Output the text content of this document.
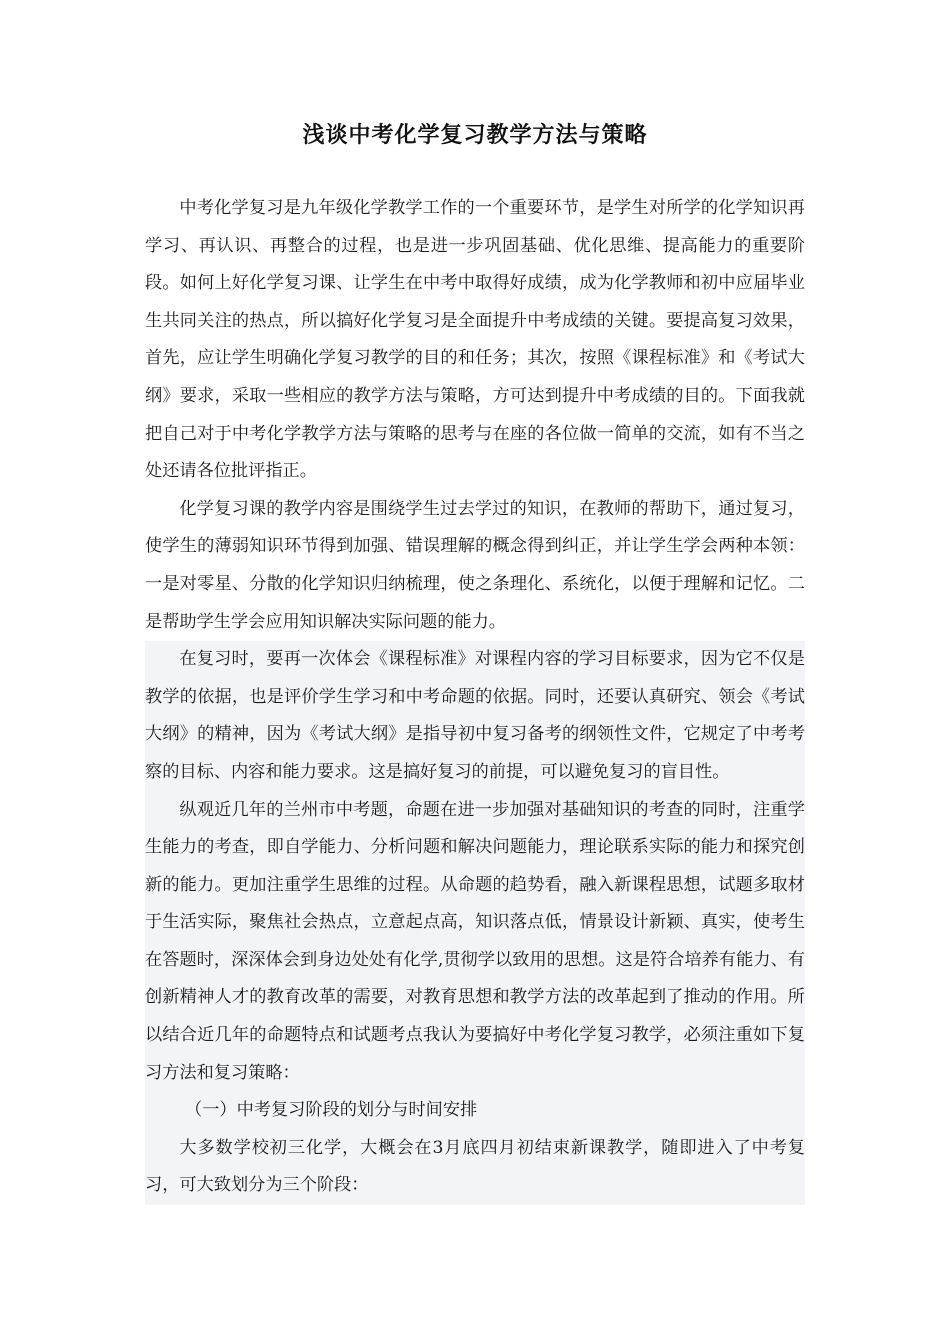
浅谈中考化学复习教学方法与策略

中考化学复习是九年级化学教学工作的一个重要环节，是学生对所学的化学知识再学习、再认识、再整合的过程，也是进一步巩固基础、优化思维、提高能力的重要阶段。如何上好化学复习课、让学生在中考中取得好成绩，成为化学教师和初中应届毕业生共同关注的热点，所以搞好化学复习是全面提升中考成绩的关键。要提高复习效果，首先，应让学生明确化学复习教学的目的和任务；其次，按照《课程标准》和《考试大纲》要求，采取一些相应的教学方法与策略，方可达到提升中考成绩的目的。下面我就把自己对于中考化学教学方法与策略的思考与在座的各位做一简单的交流，如有不当之处还请各位批评指正。

化学复习课的教学内容是围绕学生过去学过的知识，在教师的帮助下，通过复习，使学生的薄弱知识环节得到加强、错误理解的概念得到纠正，并让学生学会两种本领：一是对零星、分散的化学知识归纳梳理，使之条理化、系统化，以便于理解和记忆。二是帮助学生学会应用知识解决实际问题的能力。

在复习时，要再一次体会《课程标准》对课程内容的学习目标要求，因为它不仅是教学的依据，也是评价学生学习和中考命题的依据。同时，还要认真研究、领会《考试大纲》的精神，因为《考试大纲》是指导初中复习备考的纲领性文件，它规定了中考考察的目标、内容和能力要求。这是搞好复习的前提，可以避免复习的盲目性。

纵观近几年的兰州市中考题，命题在进一步加强对基础知识的考查的同时，注重学生能力的考查，即自学能力、分析问题和解决问题能力，理论联系实际的能力和探究创新的能力。更加注重学生思维的过程。从命题的趋势看，融入新课程思想，试题多取材于生活实际，聚焦社会热点，立意起点高，知识落点低，情景设计新颖、真实，使考生在答题时，深深体会到身边处处有化学,贯彻学以致用的思想。这是符合培养有能力、有创新精神人才的教育改革的需要，对教育思想和教学方法的改革起到了推动的作用。所以结合近几年的命题特点和试题考点我认为要搞好中考化学复习教学，必须注重如下复习方法和复习策略：

（一）中考复习阶段的划分与时间安排

大多数学校初三化学，大概会在3月底四月初结束新课教学，随即进入了中考复习，可大致划分为三个阶段：
